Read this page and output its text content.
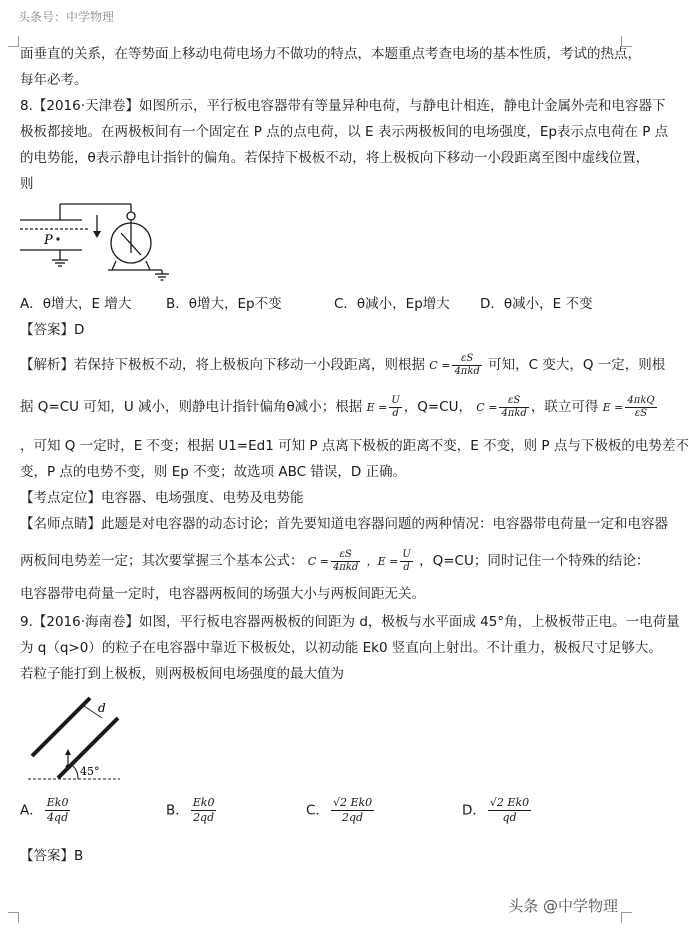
头条号：中学物理
面垂直的关系，在等势面上移动电荷电场力不做功的特点，本题重点考查电场的基本性质，考试的热点，
每年必考。
8.【2016·天津卷】如图所示，平行板电容器带有等量异种电荷，与静电计相连，静电计金属外壳和电容器下
极板都接地。在两极板间有一个固定在 P 点的点电荷，以 E 表示两极板间的电场强度，Ep表示点电荷在 P 点
的电势能，θ表示静电计指针的偏角。若保持下极板不动，将上极板向下移动一小段距离至图中虚线位置，
则
P
A．θ增大，E 增大	B．θ增大，Ep不变	C．θ减小，Ep增大 D．θ减小，E 不变
【答案】D
【解析】若保持下极板不动，将上极板向下移动一小段距离，则根据 $C = \frac{\varepsilon S}{\text{4πkd}}$ 可知，C 变大，Q 一定，则根
据 Q=CU 可知，U 减小，则静电计指针偏角θ减小；根据 $E = \frac{U}{d}$ ，Q=CU， $C = \frac{\varepsilon S}{\text{4πkd}}$ ，联立可得 $E = \frac{\text{4πkQ}}{\varepsilon S}$
，可知 Q 一定时，E 不变；根据 U1=Ed1 可知 P 点离下极板的距离不变，E 不变，则 P 点与下极板的电势差不
变，P 点的电势不变，则 Ep 不变；故选项 ABC 错误，D 正确。
【考点定位】电容器、电场强度、电势及电势能
【名师点睛】此题是对电容器的动态讨论；首先要知道电容器问题的两种情况：电容器带电荷量一定和电容器
两板间电势差一定；其次要掌握三个基本公式： $C = \frac{\varepsilon S}{\text{4πkd}}$ ，$E = \frac{U}{d}$ ，Q=CU；同时记住一个特殊的结论：
电容器带电荷量一定时，电容器两板间的场强大小与两板间距无关。
9.【2016·海南卷】如图，平行板电容器两极板的间距为 d，极板与水平面成 45°角，上极板带正电。一电荷量
为 q（q>0）的粒子在电容器中靠近下极板处，以初动能 Ek0 竖直向上射出。不计重力，极板尺寸足够大。
若粒子能打到上极板，则两极板间电场强度的最大值为
d
45°
A． $\frac{Ek0}{4qd}$	B． $\frac{Ek0}{2qd}$	C． $\frac{√2 Ek0}{2qd}$	D． $\frac{√2 Ek0}{qd}$
【答案】B
头条 @中学物理
